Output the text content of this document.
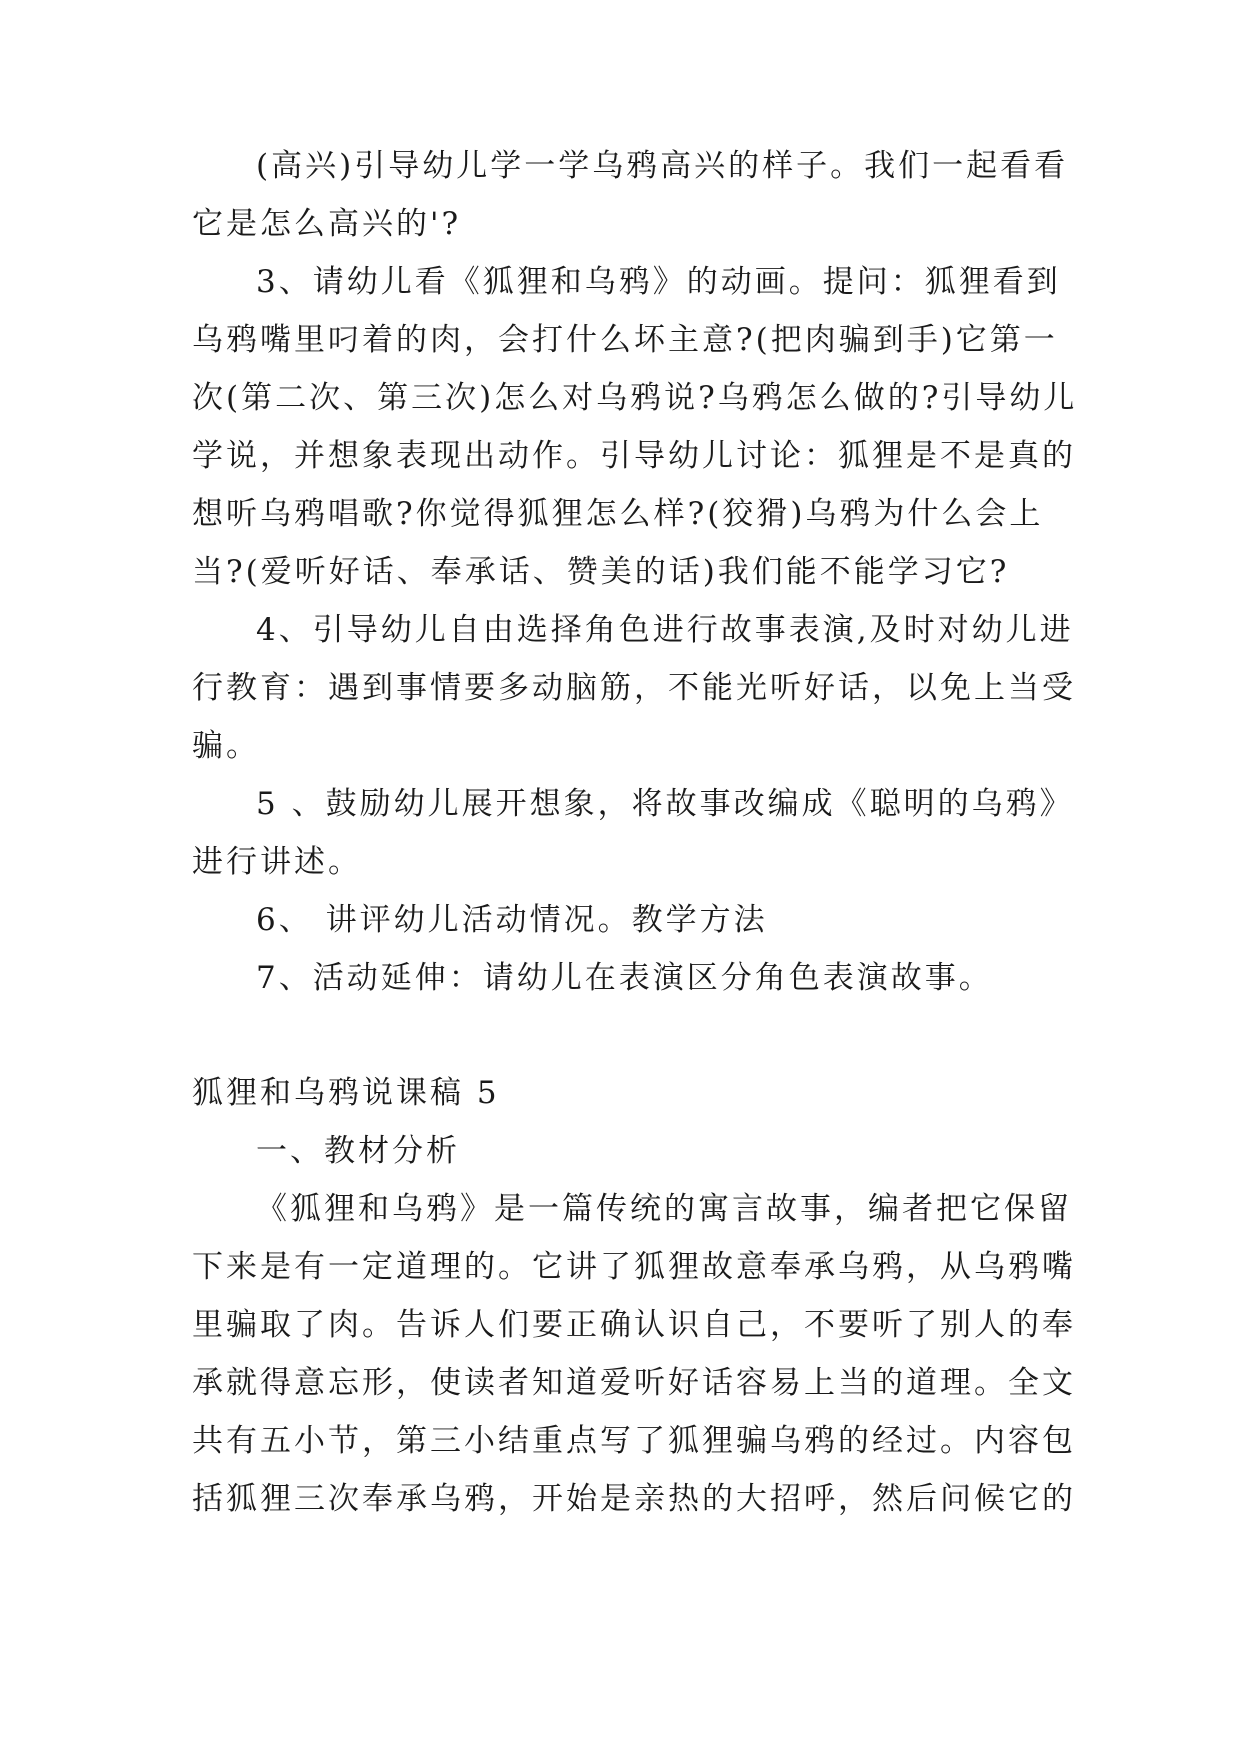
(高兴)引导幼儿学一学乌鸦高兴的样子。我们一起看看
它是怎么高兴的'?
3、请幼儿看《狐狸和乌鸦》的动画。提问：狐狸看到
乌鸦嘴里叼着的肉，会打什么坏主意?(把肉骗到手)它第一
次(第二次、第三次)怎么对乌鸦说?乌鸦怎么做的?引导幼儿
学说，并想象表现出动作。引导幼儿讨论：狐狸是不是真的
想听乌鸦唱歌?你觉得狐狸怎么样?(狡猾)乌鸦为什么会上
当?(爱听好话、奉承话、赞美的话)我们能不能学习它?
4、引导幼儿自由选择角色进行故事表演,及时对幼儿进
行教育：遇到事情要多动脑筋，不能光听好话，以免上当受
骗。
5 、鼓励幼儿展开想象，将故事改编成《聪明的乌鸦》
进行讲述。
6、 讲评幼儿活动情况。教学方法
7、活动延伸：请幼儿在表演区分角色表演故事。
狐狸和乌鸦说课稿 5
一、教材分析
《狐狸和乌鸦》是一篇传统的寓言故事，编者把它保留
下来是有一定道理的。它讲了狐狸故意奉承乌鸦，从乌鸦嘴
里骗取了肉。告诉人们要正确认识自己，不要听了别人的奉
承就得意忘形，使读者知道爱听好话容易上当的道理。全文
共有五小节，第三小结重点写了狐狸骗乌鸦的经过。内容包
括狐狸三次奉承乌鸦，开始是亲热的大招呼，然后问候它的
